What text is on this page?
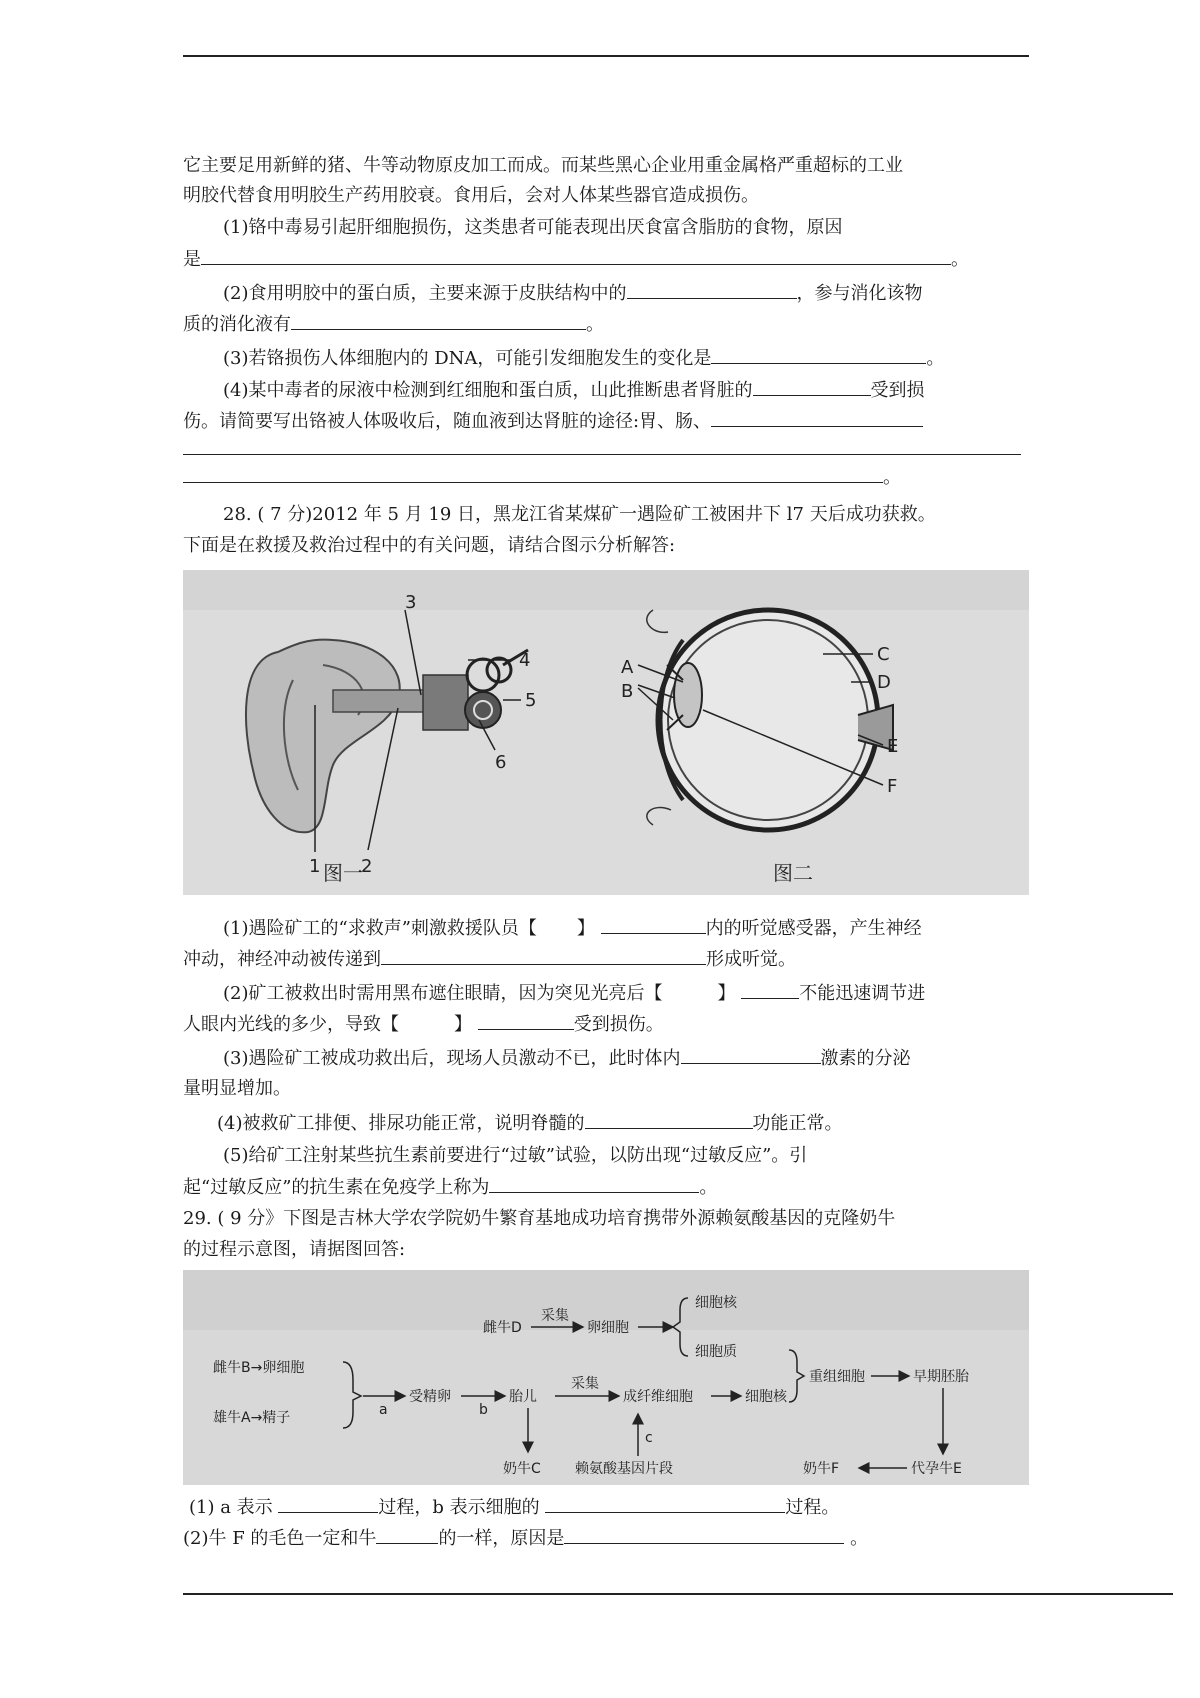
它主要足用新鲜的猪、牛等动物原皮加工而成。而某些黑心企业用重金属格严重超标的工业
明胶代替食用明胶生产药用胶衰。食用后，会对人体某些器官造成损伤。
(1)铬中毒易引起肝细胞损伤，这类患者可能表现出厌食富含脂肪的食物，原因
是	。
(2)食用明胶中的蛋白质，主要来源于皮肤结构中的	，参与消化该物
质的消化液有	。
(3)若铬损伤人体细胞内的 DNA，可能引发细胞发生的变化是	。
(4)某中毒者的尿液中检测到红细胞和蛋白质，山此推断患者肾脏的	受到损
伤。请简要写出铬被人体吸收后，随血液到达肾脏的途径:胃、肠、
。
28. ( 7 分)2012 年 5 月 19 日，黑龙江省某煤矿一遇险矿工被困井下 l7 天后成功获救。
下面是在救援及救治过程中的有关问题，请结合图示分析解答:
1 2
3
4
5
6
图一
A
B
C
D
E
F
图二
(1)遇险矿工的“求救声”刺激救援队员【 】	内的听觉感受器，产生神经
冲动，神经冲动被传递到	形成听觉。
(2)矿工被救出时需用黑布遮住眼睛，因为突见光亮后【	】	不能迅速调节进
人眼内光线的多少，导致【	】	受到损伤。
(3)遇险矿工被成功救出后，现场人员激动不已，此时体内	激素的分泌
量明显增加。
(4)被救矿工排便、排尿功能正常，说明脊髓的	功能正常。
(5)给矿工注射某些抗生素前要进行“过敏”试验，以防出现“过敏反应”。引
起“过敏反应”的抗生素在免疫学上称为	。
29. ( 9 分》下图是吉林大学农学院奶牛繁育基地成功培育携带外源赖氨酸基因的克隆奶牛
的过程示意图，请据图回答:
雌牛B→卵细胞
雄牛A→精子	a
受精卵
b
胎儿
奶牛C
采集
成纤维细胞	细胞核
赖氨酸基因片段
c
雌牛D
采集
卵细胞
细胞核
细胞质
重组细胞	早期胚胎
代孕牛E
奶牛F
(1) a 表示	过程，b 表示细胞的	过程。
(2)牛 F 的毛色一定和牛	的一样，原因是	。
